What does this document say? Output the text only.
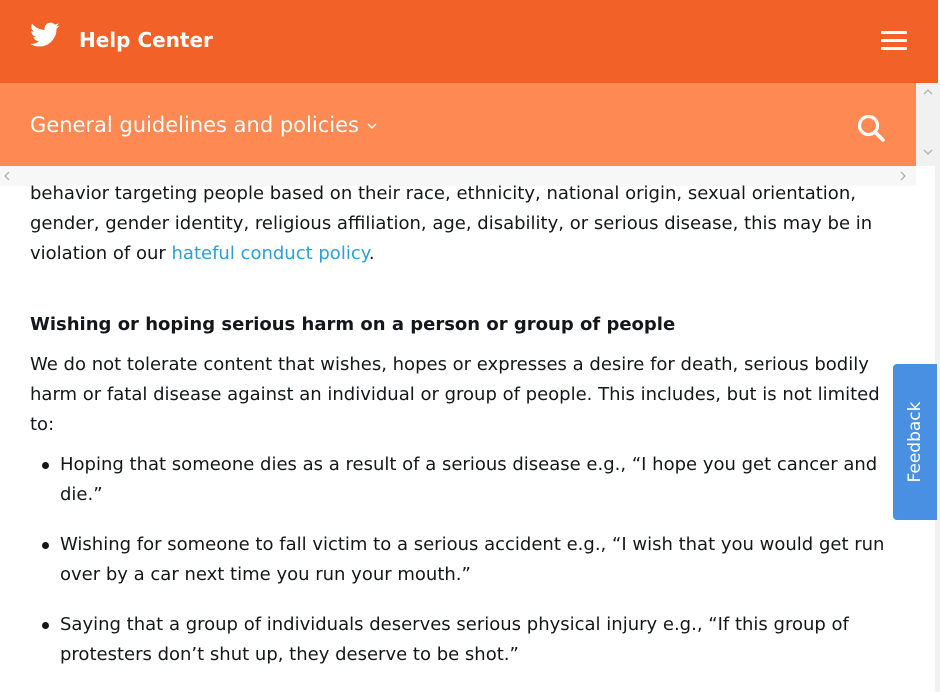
Help Center
General guidelines and policies

behavior targeting people based on their race, ethnicity, national origin, sexual orientation, gender, gender identity, religious affiliation, age, disability, or serious disease, this may be in violation of our hateful conduct policy.

Wishing or hoping serious harm on a person or group of people

We do not tolerate content that wishes, hopes or expresses a desire for death, serious bodily harm or fatal disease against an individual or group of people. This includes, but is not limited to:

Hoping that someone dies as a result of a serious disease e.g., “I hope you get cancer and die.”
Wishing for someone to fall victim to a serious accident e.g., “I wish that you would get run over by a car next time you run your mouth.”
Saying that a group of individuals deserves serious physical injury e.g., “If this group of protesters don’t shut up, they deserve to be shot.”
Feedback
